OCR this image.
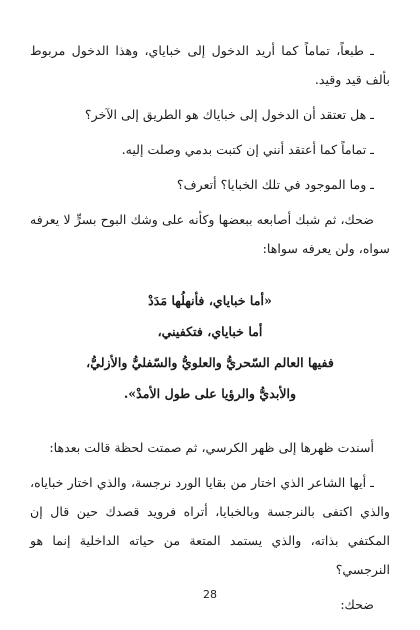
ـ طبعاً، تماماً كما أريد الدخول إلى خباياي، وهذا الدخول مربوط بألف قيد وقيد.

ـ هل تعتقد أن الدخول إلى خباياك هو الطريق إلى الآخر؟

ـ تماماً كما أعتقد أنني إن كتبت بدمي وصلت إليه.

ـ وما الموجود في تلك الخبايا؟ أتعرف؟

ضحك، ثم شبك أصابعه ببعضها وكأنه على وشك البوح بسرٍّ لا يعرفه سواه، ولن يعرفه سواها:

«أما خباياي، فأنهلُها مَدَدْ
أما خباياي، فتكفيني،
ففيها العالم السّحريُّ والعلويُّ والسّفليُّ والأزليُّ،
والأبديُّ والرؤيا على طول الأمدْ».

أسندت ظهرها إلى ظهر الكرسي، ثم صمتت لحظة قالت بعدها:

ـ أيها الشاعر الذي اختار من بقايا الورد نرجسة، والذي اختار خباياه، والذي اكتفى بالنرجسة وبالخبايا، أتراه فرويد قصدك حين قال إن المكتفي بذاته، والذي يستمد المتعة من حياته الداخلية إنما هو النرجسي؟

ضحك:

28
